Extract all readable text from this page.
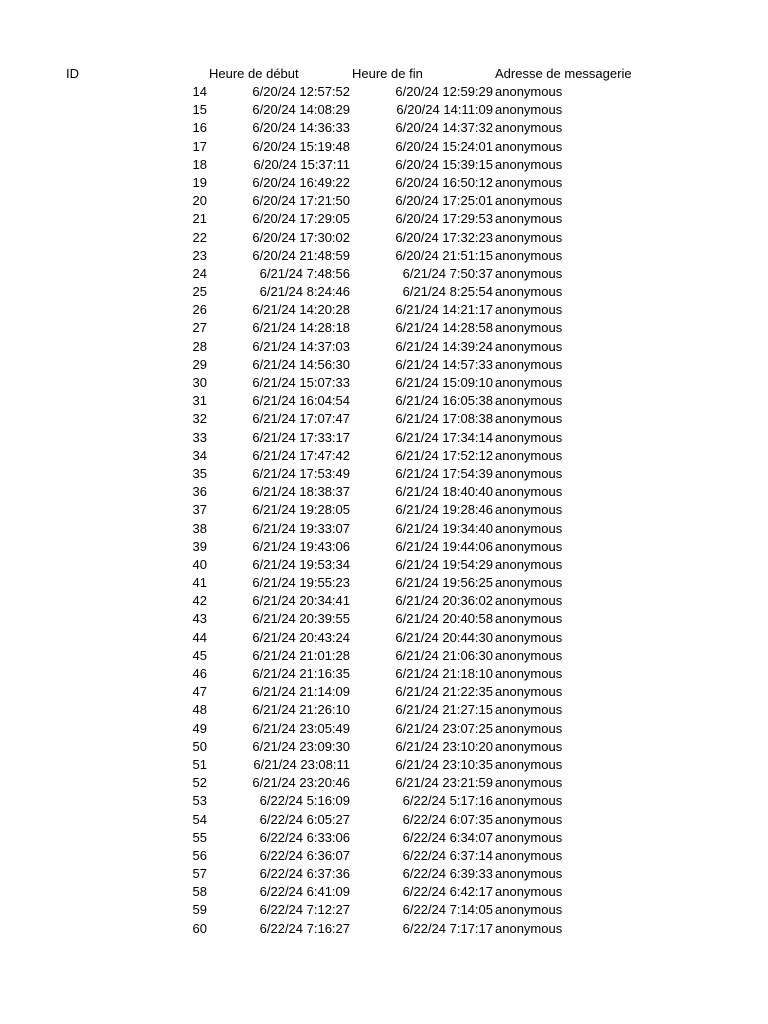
ID	Heure de début	Heure de fin	Adresse de messagerie
14	6/20/24 12:57:52	6/20/24 12:59:29 anonymous
15	6/20/24 14:08:29	6/20/24 14:11:09 anonymous
16	6/20/24 14:36:33	6/20/24 14:37:32 anonymous
17	6/20/24 15:19:48	6/20/24 15:24:01 anonymous
18	6/20/24 15:37:11	6/20/24 15:39:15 anonymous
19	6/20/24 16:49:22	6/20/24 16:50:12 anonymous
20	6/20/24 17:21:50	6/20/24 17:25:01 anonymous
21	6/20/24 17:29:05	6/20/24 17:29:53 anonymous
22	6/20/24 17:30:02	6/20/24 17:32:23 anonymous
23	6/20/24 21:48:59	6/20/24 21:51:15 anonymous
24	6/21/24 7:48:56	6/21/24 7:50:37 anonymous
25	6/21/24 8:24:46	6/21/24 8:25:54 anonymous
26	6/21/24 14:20:28	6/21/24 14:21:17 anonymous
27	6/21/24 14:28:18	6/21/24 14:28:58 anonymous
28	6/21/24 14:37:03	6/21/24 14:39:24 anonymous
29	6/21/24 14:56:30	6/21/24 14:57:33 anonymous
30	6/21/24 15:07:33	6/21/24 15:09:10 anonymous
31	6/21/24 16:04:54	6/21/24 16:05:38 anonymous
32	6/21/24 17:07:47	6/21/24 17:08:38 anonymous
33	6/21/24 17:33:17	6/21/24 17:34:14 anonymous
34	6/21/24 17:47:42	6/21/24 17:52:12 anonymous
35	6/21/24 17:53:49	6/21/24 17:54:39 anonymous
36	6/21/24 18:38:37	6/21/24 18:40:40 anonymous
37	6/21/24 19:28:05	6/21/24 19:28:46 anonymous
38	6/21/24 19:33:07	6/21/24 19:34:40 anonymous
39	6/21/24 19:43:06	6/21/24 19:44:06 anonymous
40	6/21/24 19:53:34	6/21/24 19:54:29 anonymous
41	6/21/24 19:55:23	6/21/24 19:56:25 anonymous
42	6/21/24 20:34:41	6/21/24 20:36:02 anonymous
43	6/21/24 20:39:55	6/21/24 20:40:58 anonymous
44	6/21/24 20:43:24	6/21/24 20:44:30 anonymous
45	6/21/24 21:01:28	6/21/24 21:06:30 anonymous
46	6/21/24 21:16:35	6/21/24 21:18:10 anonymous
47	6/21/24 21:14:09	6/21/24 21:22:35 anonymous
48	6/21/24 21:26:10	6/21/24 21:27:15 anonymous
49	6/21/24 23:05:49	6/21/24 23:07:25 anonymous
50	6/21/24 23:09:30	6/21/24 23:10:20 anonymous
51	6/21/24 23:08:11	6/21/24 23:10:35 anonymous
52	6/21/24 23:20:46	6/21/24 23:21:59 anonymous
53	6/22/24 5:16:09	6/22/24 5:17:16 anonymous
54	6/22/24 6:05:27	6/22/24 6:07:35 anonymous
55	6/22/24 6:33:06	6/22/24 6:34:07 anonymous
56	6/22/24 6:36:07	6/22/24 6:37:14 anonymous
57	6/22/24 6:37:36	6/22/24 6:39:33 anonymous
58	6/22/24 6:41:09	6/22/24 6:42:17 anonymous
59	6/22/24 7:12:27	6/22/24 7:14:05 anonymous
60	6/22/24 7:16:27	6/22/24 7:17:17 anonymous
